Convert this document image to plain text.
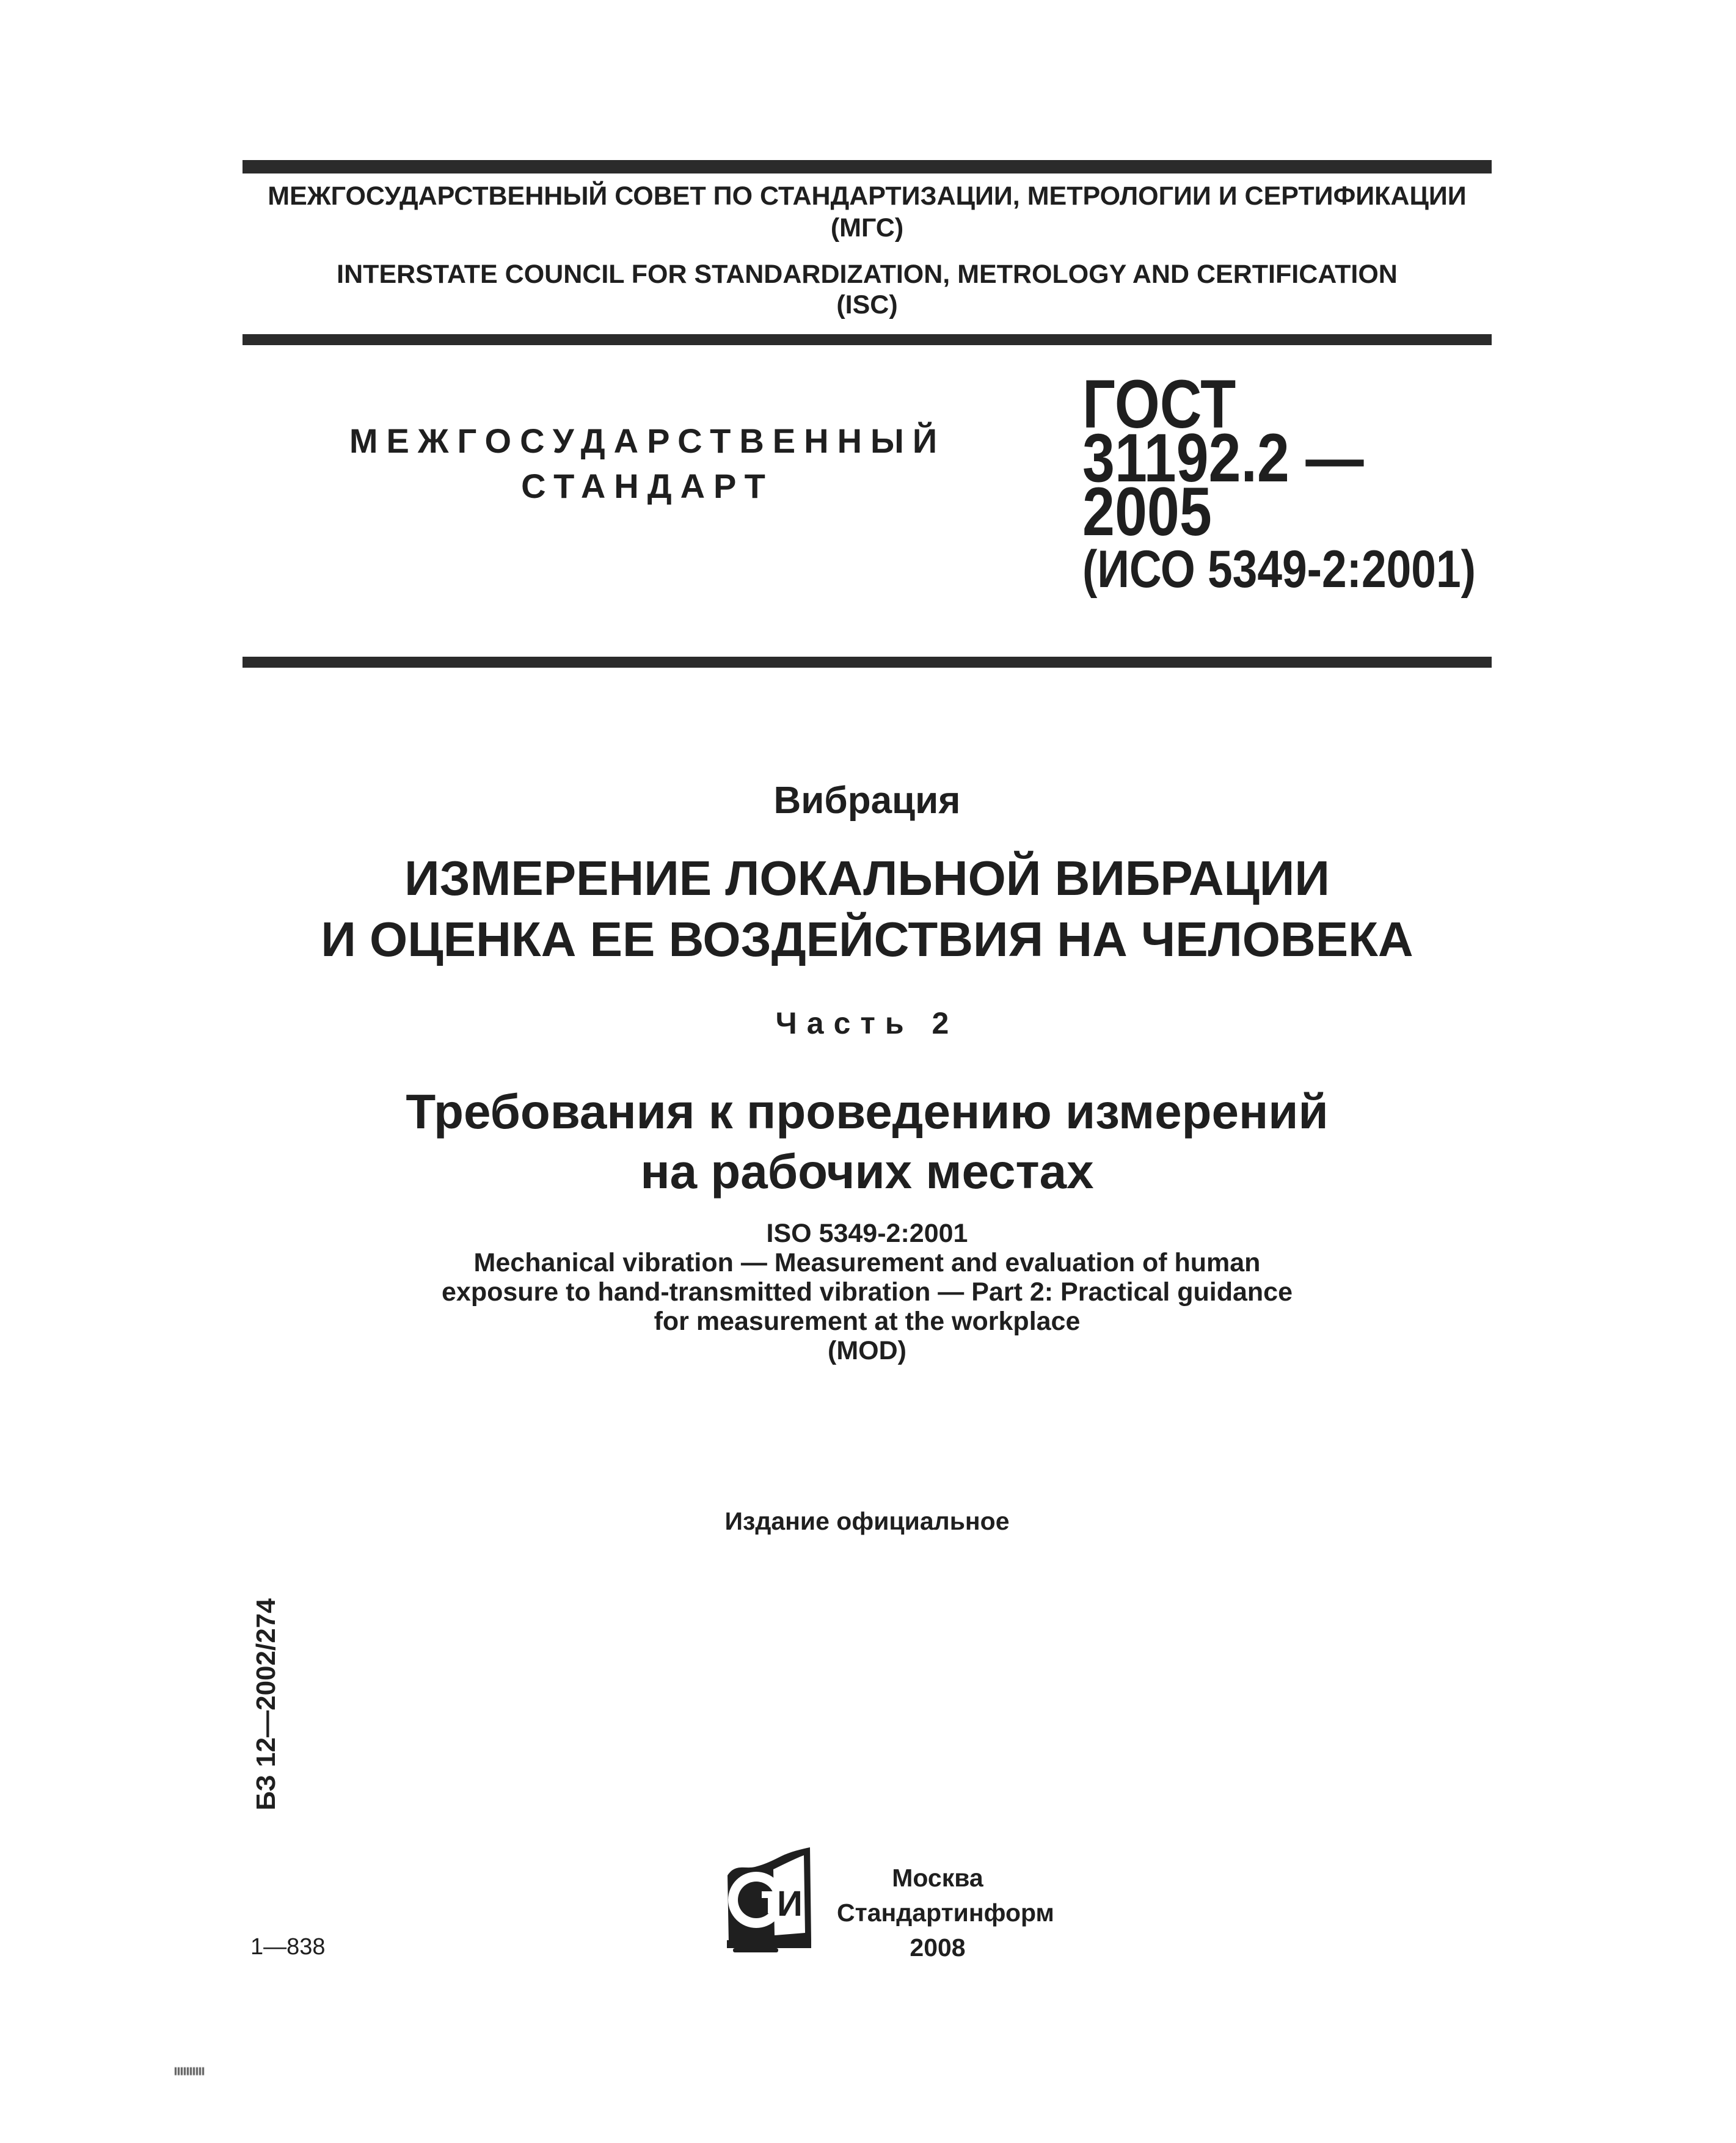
МЕЖГОСУДАРСТВЕННЫЙ СОВЕТ ПО СТАНДАРТИЗАЦИИ, МЕТРОЛОГИИ И СЕРТИФИКАЦИИ
(МГС)
INTERSTATE COUNCIL FOR STANDARDIZATION, METROLOGY AND CERTIFICATION
(ISC)
МЕЖГОСУДАРСТВЕННЫЙ
СТАНДАРТ
ГОСТ
31192.2 —
2005
(ИСО 5349-2:2001)
Вибрация
ИЗМЕРЕНИЕ ЛОКАЛЬНОЙ ВИБРАЦИИ
И ОЦЕНКА ЕЕ ВОЗДЕЙСТВИЯ НА ЧЕЛОВЕКА
Часть 2
Требования к проведению измерений
на рабочих местах
ISO 5349-2:2001
Mechanical vibration — Measurement and evaluation of human
exposure to hand-transmitted vibration — Part 2: Practical guidance
for measurement at the workplace
(MOD)
Издание официальное
БЗ 12—2002/274
И
Москва
Стандартинформ
2008
1—838
